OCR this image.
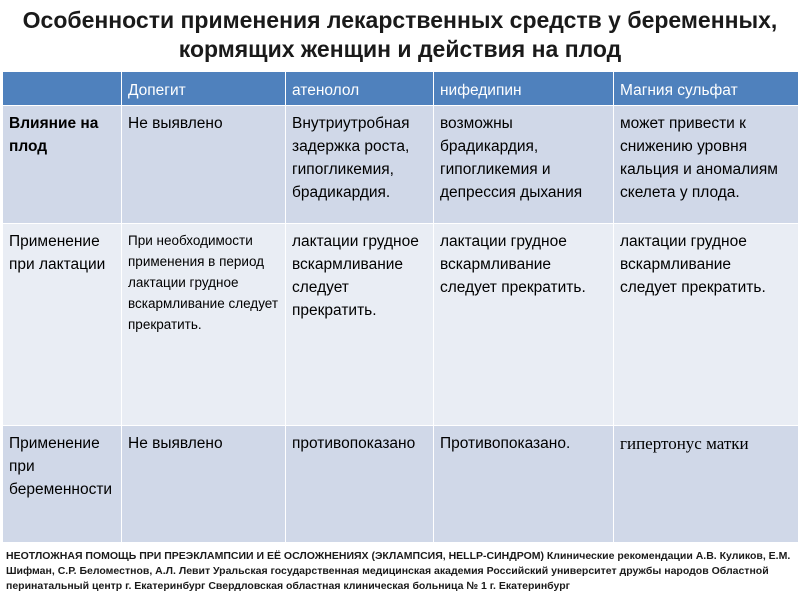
Особенности применения лекарственных средств у беременных,
кормящих женщин и действия на плод
	Допегит	атенолол	нифедипин	Магния сульфат
Влияние на плод	Не выявлено	Внутриутробная задержка роста, гипогликемия, брадикардия.	возможны брадикардия, гипогликемия и депрессия дыхания	может привести к снижению уровня кальция и аномалиям скелета у плода.
Применение при лактации	При необходимости применения в период лактации грудное вскармливание следует прекратить.	лактации грудное вскармливание следует прекратить.	лактации грудное вскармливание следует прекратить.	лактации грудное вскармливание следует прекратить.
Применение при беременности	Не выявлено	противопоказано	Противопоказано.	гипертонус матки
НЕОТЛОЖНАЯ ПОМОЩЬ ПРИ ПРЕЭКЛАМПСИИ И ЕЁ ОСЛОЖНЕНИЯХ (ЭКЛАМПСИЯ, HELLP-СИНДРОМ) Клинические рекомендации А.В. Куликов, Е.М. Шифман, С.Р. Беломестнов, А.Л. Левит Уральская государственная медицинская академия Российский университет дружбы народов Областной перинатальный центр г. Екатеринбург Свердловская областная клиническая больница № 1 г. Екатеринбург
